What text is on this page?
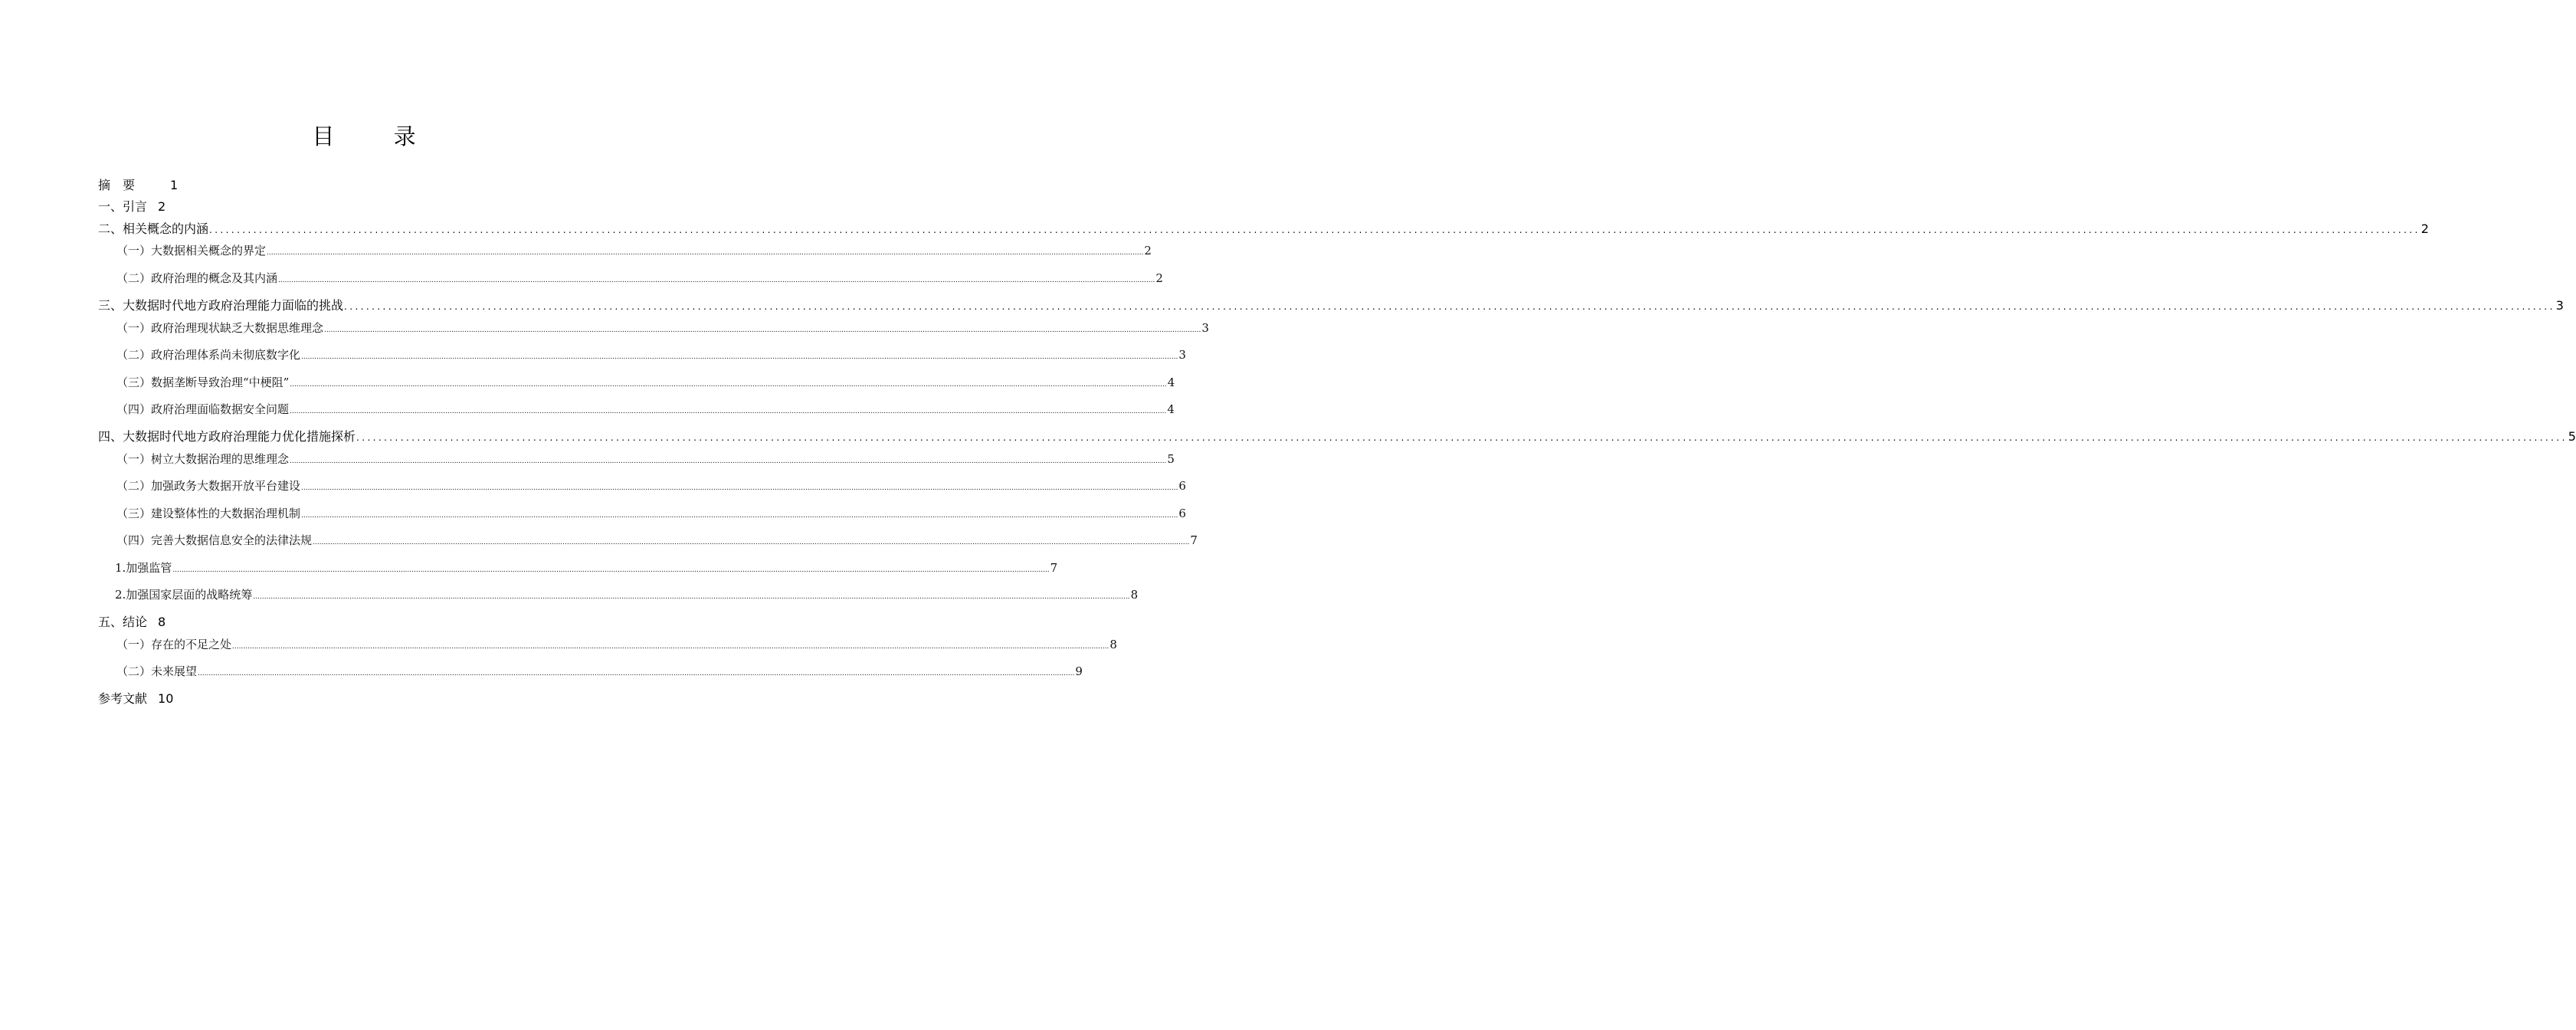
目 录
摘　要	1
一、引言 2
二、相关概念的内涵 ................................................................................................................................................................................................................................................................................................................................................................................................................ 2
（一）大数据相关概念的界定 ................................................................................................................................................................................................................................................................................................................................................................................................................ 2
（二）政府治理的概念及其内涵 ................................................................................................................................................................................................................................................................................................................................................................................................................ 2
三、大数据时代地方政府治理能力面临的挑战 ................................................................................................................................................................................................................................................................................................................................................................................................................ 3
（一）政府治理现状缺乏大数据思维理念 ................................................................................................................................................................................................................................................................................................................................................................................................................ 3
（二）政府治理体系尚未彻底数字化 ................................................................................................................................................................................................................................................................................................................................................................................................................ 3
（三）数据垄断导致治理“中梗阻” ................................................................................................................................................................................................................................................................................................................................................................................................................ 4
（四）政府治理面临数据安全问题 ................................................................................................................................................................................................................................................................................................................................................................................................................ 4
四、大数据时代地方政府治理能力优化措施探析 ................................................................................................................................................................................................................................................................................................................................................................................................................ 5
（一）树立大数据治理的思维理念 ................................................................................................................................................................................................................................................................................................................................................................................................................ 5
（二）加强政务大数据开放平台建设 ................................................................................................................................................................................................................................................................................................................................................................................................................ 6
（三）建设整体性的大数据治理机制 ................................................................................................................................................................................................................................................................................................................................................................................................................ 6
（四）完善大数据信息安全的法律法规 ................................................................................................................................................................................................................................................................................................................................................................................................................ 7
1.加强监管 ................................................................................................................................................................................................................................................................................................................................................................................................................ 7
2.加强国家层面的战略统筹 ................................................................................................................................................................................................................................................................................................................................................................................................................ 8
五、结论 8
（一）存在的不足之处 ................................................................................................................................................................................................................................................................................................................................................................................................................ 8
（二）未来展望 ................................................................................................................................................................................................................................................................................................................................................................................................................ 9
参考文献 10
